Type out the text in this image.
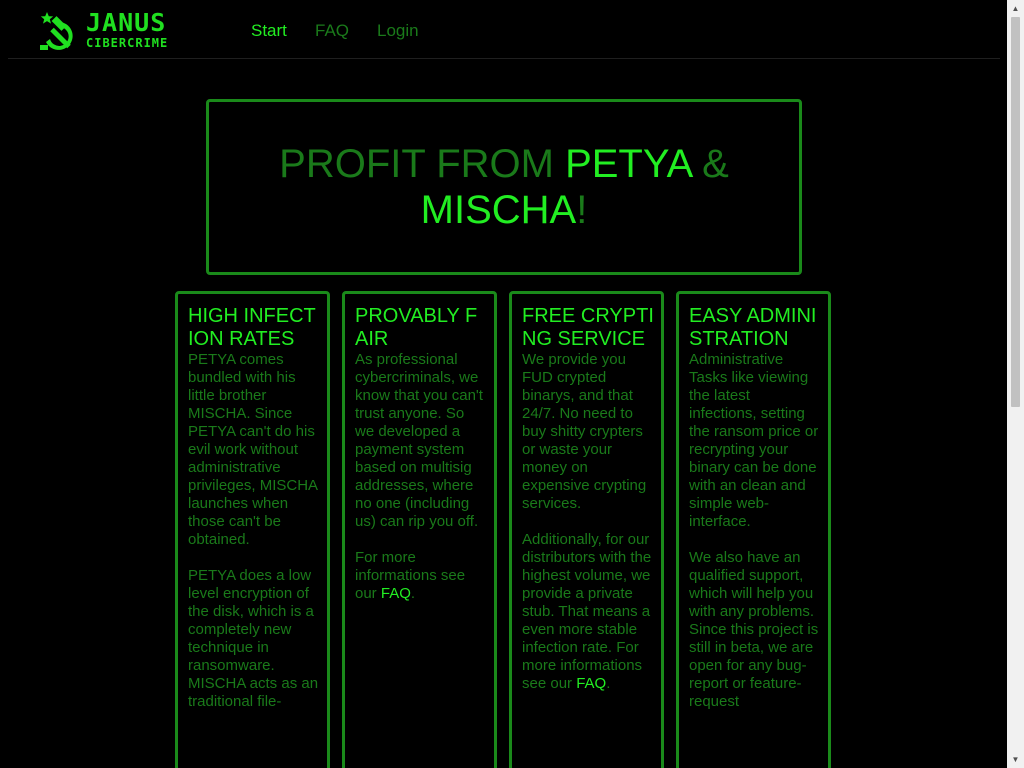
JANUS
CIBERCRIME
Start FAQ Login
PROFIT FROM PETYA & MISCHA!
HIGH INFECTION RATES

PETYA comes bundled with his little brother MISCHA. Since PETYA can't do his evil work without administrative privileges, MISCHA launches when those can't be obtained.

PETYA does a low level encryption of the disk, which is a completely new technique in ransomware. MISCHA acts as an traditional file-

PROVABLY FAIR

As professional cybercriminals, we know that you can't trust anyone. So we developed a payment system based on multisig addresses, where no one (including us) can rip you off.

For more informations see our FAQ.

FREE CRYPTING SERVICE

We provide you FUD crypted binarys, and that 24/7. No need to buy shitty crypters or waste your money on expensive crypting services.

Additionally, for our distributors with the highest volume, we provide a private stub. That means a even more stable infection rate. For more informations see our FAQ.

EASY ADMINISTRATION

Administrative Tasks like viewing the latest infections, setting the ransom price or recrypting your binary can be done with an clean and simple web-interface.

We also have an qualified support, which will help you with any problems. Since this project is still in beta, we are open for any bug-report or feature-request

▲
▼
